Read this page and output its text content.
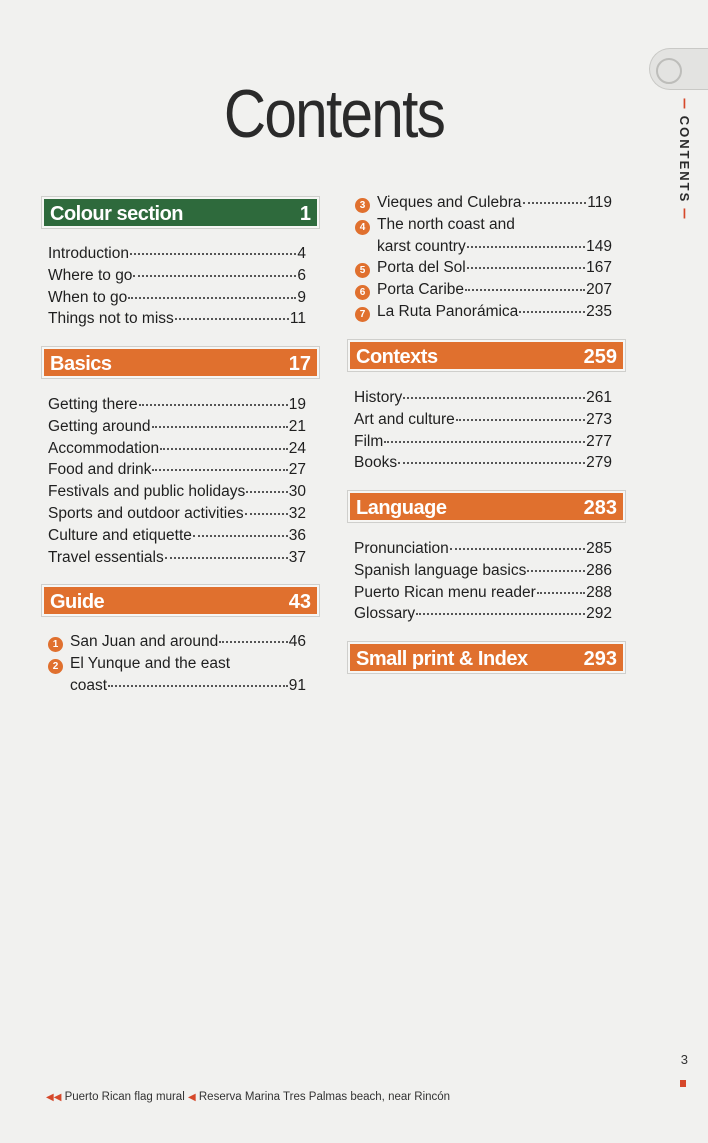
Contents	❙ CONTENTS ❙
Colour section	1
Introduction	4
Where to go	6
When to go	9
Things not to miss	11
Basics	17
Getting there	19
Getting around	21
Accommodation	24
Food and drink	27
Festivals and public holidays	30
Sports and outdoor activities	32
Culture and etiquette	36
Travel essentials	37
Guide	43
1 San Juan and around	46
2 El Yunque and the east
coast	91
3 Vieques and Culebra	119
4 The north coast and
karst country	149
5 Porta del Sol	167
6 Porta Caribe	207
7 La Ruta Panorámica	235
Contexts	259
History	261
Art and culture	273
Film	277
Books	279
Language	283
Pronunciation	285
Spanish language basics	286
Puerto Rican menu reader	288
Glossary	292
Small print & Index	293
3
◀◀ Puerto Rican flag mural ◀ Reserva Marina Tres Palmas beach, near Rincón
